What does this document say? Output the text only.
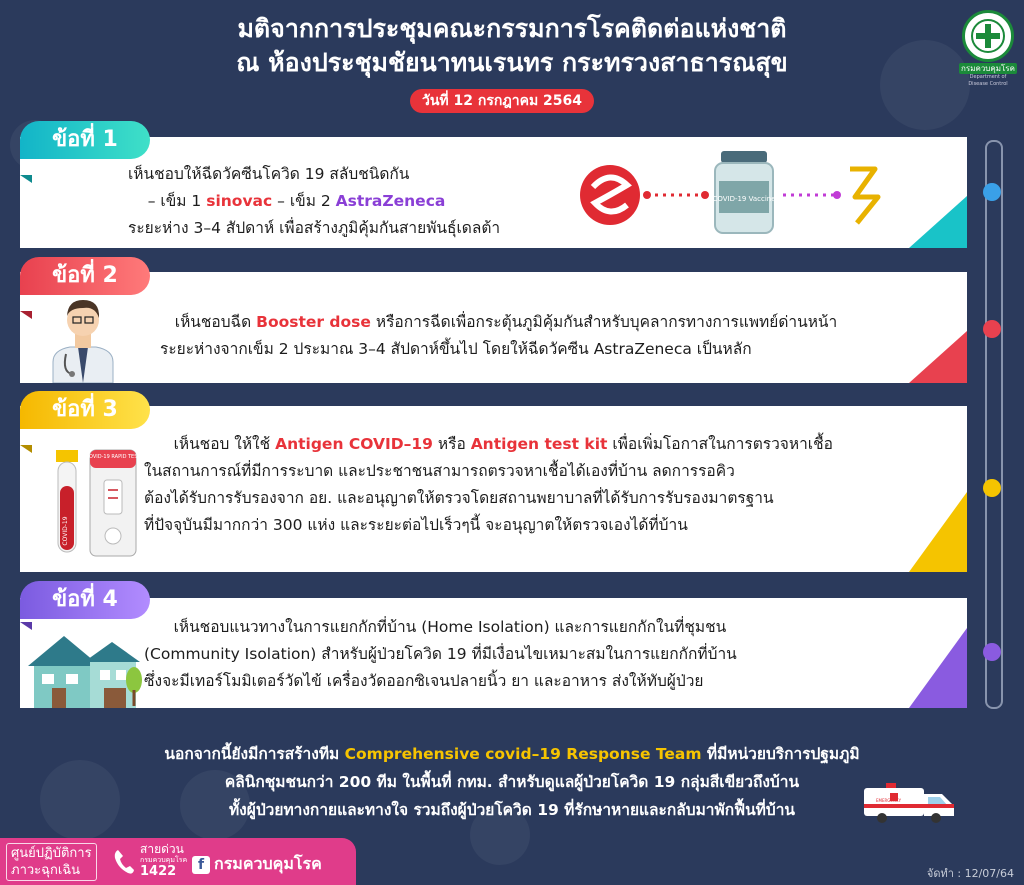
มติจากการประชุมคณะกรรมการโรคติดต่อแห่งชาติ
ณ ห้องประชุมชัยนาทนเรนทร กระทรวงสาธารณสุข
วันที่ 12 กรกฎาคม 2564
กรมควบคุมโรค
Department of Disease Control
เห็นชอบให้ฉีดวัคซีนโควิด 19 สลับชนิดกัน
– เข็ม 1 sinovac – เข็ม 2 AstraZeneca
ระยะห่าง 3–4 สัปดาห์ เพื่อสร้างภูมิคุ้มกันสายพันธุ์เดลต้า
COVID-19 Vaccine
ข้อที่ 1
เห็นชอบฉีด Booster dose หรือการฉีดเพื่อกระตุ้นภูมิคุ้มกันสำหรับบุคลากรทางการแพทย์ด่านหน้า
ระยะห่างจากเข็ม 2 ประมาณ 3–4 สัปดาห์ขึ้นไป โดยให้ฉีดวัคซีน AstraZeneca เป็นหลัก
ข้อที่ 2
COVID-19
COVID-19 RAPID TEST
เห็นชอบ ให้ใช้ Antigen COVID–19 หรือ Antigen test kit เพื่อเพิ่มโอกาสในการตรวจหาเชื้อ
ในสถานการณ์ที่มีการระบาด และประชาชนสามารถตรวจหาเชื้อได้เองที่บ้าน ลดการรอคิว
ต้องได้รับการรับรองจาก อย. และอนุญาตให้ตรวจโดยสถานพยาบาลที่ได้รับการรับรองมาตรฐาน
ที่ปัจจุบันมีมากกว่า 300 แห่ง และระยะต่อไปเร็วๆนี้ จะอนุญาตให้ตรวจเองได้ที่บ้าน
ข้อที่ 3
เห็นชอบแนวทางในการแยกกักที่บ้าน (Home Isolation) และการแยกกักในที่ชุมชน
(Community Isolation) สำหรับผู้ป่วยโควิด 19 ที่มีเงื่อนไขเหมาะสมในการแยกกักที่บ้าน
ซึ่งจะมีเทอร์โมมิเตอร์วัดไข้ เครื่องวัดออกซิเจนปลายนิ้ว ยา และอาหาร ส่งให้ทับผู้ป่วย
ข้อที่ 4
นอกจากนี้ยังมีการสร้างทีม Comprehensive covid–19 Response Team ที่มีหน่วยบริการปฐมภูมิ
คลินิกชุมชนกว่า 200 ทีม ในพื้นที่ กทม. สำหรับดูแลผู้ป่วยโควิด 19 กลุ่มสีเขียวถึงบ้าน
ทั้งผู้ป่วยทางกายและทางใจ รวมถึงผู้ป่วยโควิด 19 ที่รักษาหายและกลับมาพักฟื้นที่บ้าน
EMERGENCY
ศูนย์ปฏิบัติการ
ภาวะฉุกเฉิน
สายด่วน
กรมควบคุมโรค
1422	f กรมควบคุมโรค
จัดทำ : 12/07/64
